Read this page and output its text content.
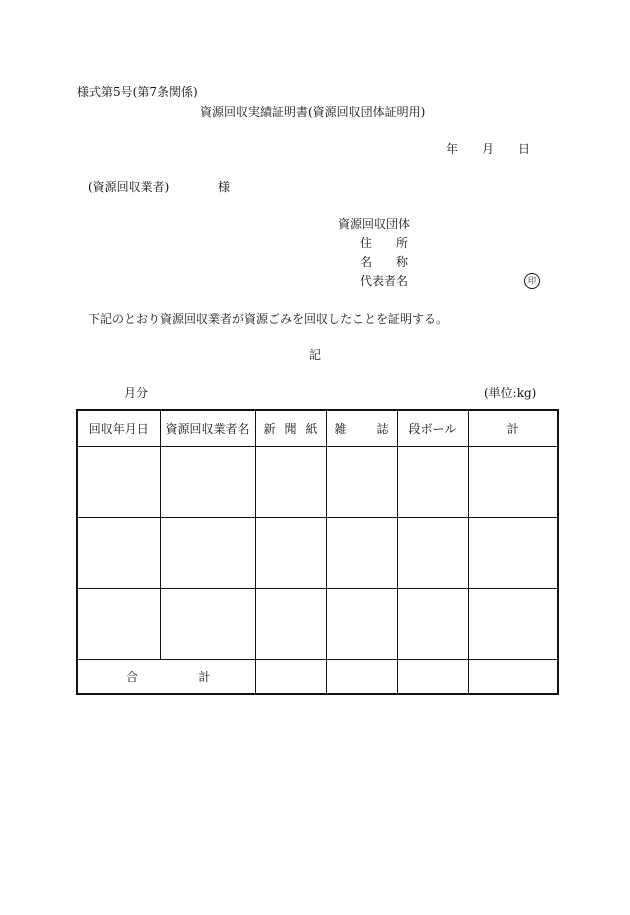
様式第5号(第7条関係)
資源回収実績証明書(資源回収団体証明用)
年 月 日
(資源回収業者)	様
資源回収団体
住 所
名 称
代表者名	印
下記のとおり資源回収業者が資源ごみを回収したことを証明する。
記
月分	(単位:kg)
回収年月日	資源回収業者名	新 聞 紙	雑 誌	段ボール	計

合 計					
